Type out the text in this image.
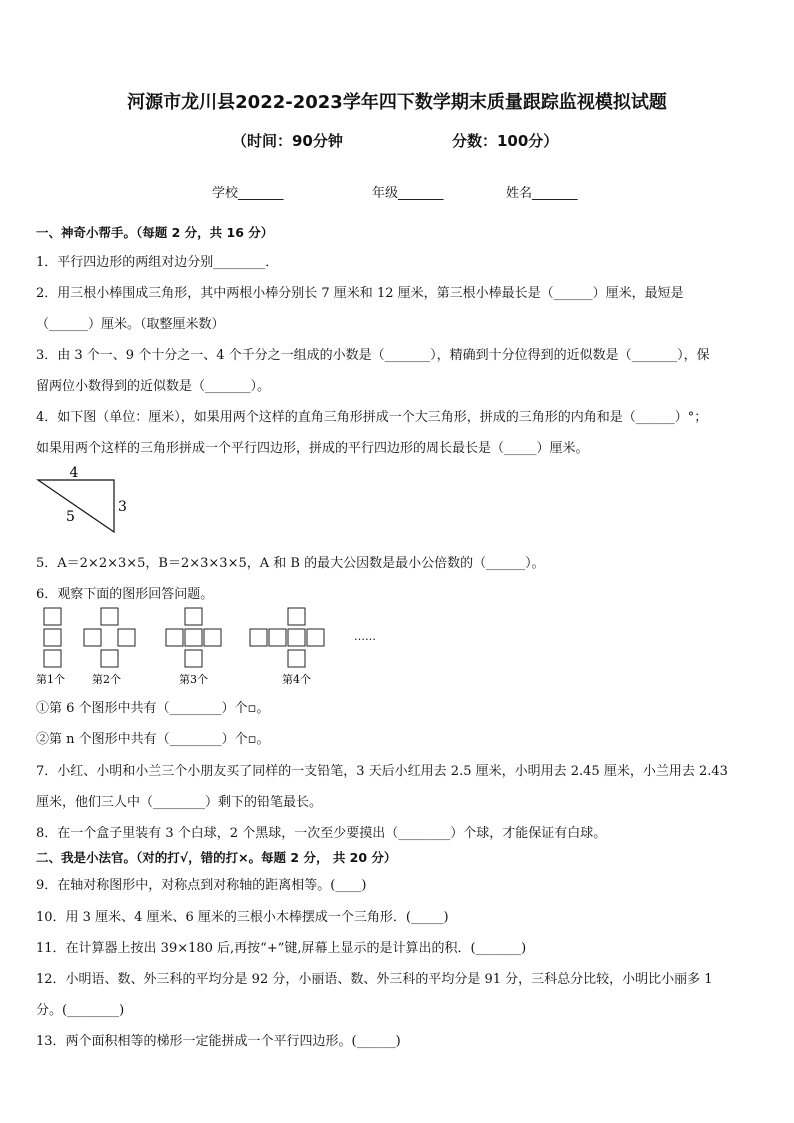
河源市龙川县2022-2023学年四下数学期末质量跟踪监视模拟试题
（时间：90分钟	分数：100分）
学校_______	年级_______	姓名_______
一、神奇小帮手。（每题 2 分，共 16 分）
1．平行四边形的两组对边分别________．
2．用三根小棒围成三角形，其中两根小棒分别长 7 厘米和 12 厘米，第三根小棒最长是（______）厘米，最短是
（______）厘米。（取整厘米数）
3．由 3 个一、9 个十分之一、4 个千分之一组成的小数是（_______），精确到十分位得到的近似数是（_______），保
留两位小数得到的近似数是（_______）。
4．如下图（单位：厘米），如果用两个这样的直角三角形拼成一个大三角形，拼成的三角形的内角和是（______）°；
如果用两个这样的三角形拼成一个平行四边形，拼成的平行四边形的周长最长是（_____）厘米。
4
3
5
5．A＝2×2×3×5，B＝2×3×3×5，A 和 B 的最大公因数是最小公倍数的（______）。
6．观察下面的图形回答问题。
第1个 第2个	第3个	第4个
……
①第 6 个图形中共有（________）个▫。
②第 n 个图形中共有（________）个▫。
7．小红、小明和小兰三个小朋友买了同样的一支铅笔，3 天后小红用去 2.5 厘米，小明用去 2.45 厘米，小兰用去 2.43
厘米，他们三人中（________）剩下的铅笔最长。
8．在一个盒子里装有 3 个白球，2 个黑球，一次至少要摸出（________）个球，才能保证有白球。
二、我是小法官。（对的打√，错的打×。每题 2 分， 共 20 分）
9．在轴对称图形中，对称点到对称轴的距离相等。(____)
10．用 3 厘米、4 厘米、6 厘米的三根小木棒摆成一个三角形．(_____)
11．在计算器上按出 39×180 后,再按“+”键,屏幕上显示的是计算出的积．(_______)
12．小明语、数、外三科的平均分是 92 分，小丽语、数、外三科的平均分是 91 分，三科总分比较，小明比小丽多 1
分。(________)
13．两个面积相等的梯形一定能拼成一个平行四边形。(______)
